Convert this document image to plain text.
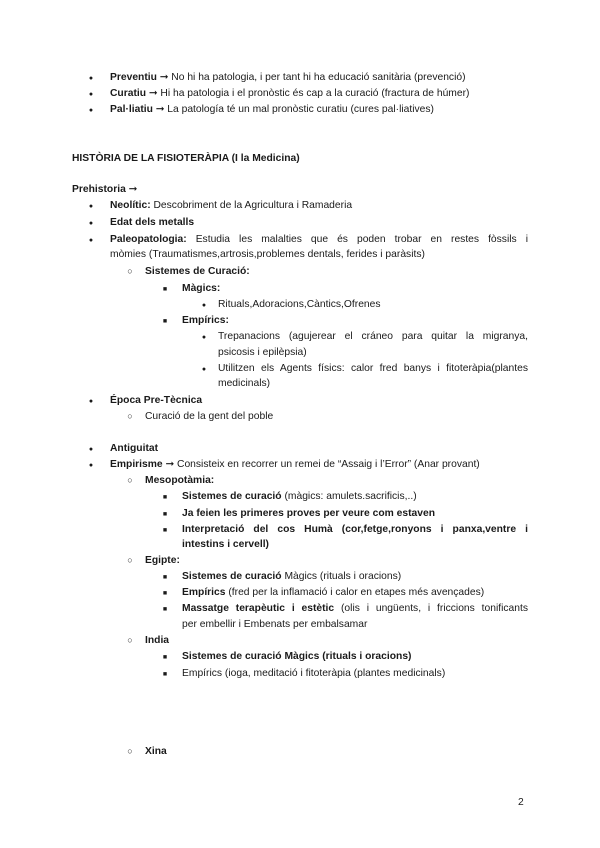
●
Preventiu ➞ No hi ha patologia, i per tant hi ha educació sanitària (prevenció)
●
Curatiu ➞ Hi ha patologia i el pronòstic és cap a la curació (fractura de húmer)
●
Pal·liatiu ➞ La patología té un mal pronòstic curatiu (cures pal·liatives)
HISTÒRIA DE LA FISIOTERÀPIA (I la Medicina)
Prehistoria ➞
●
Neolític: Descobriment de la Agricultura i Ramaderia
●
Edat dels metalls
●
Paleopatologia: Estudia les malalties que és poden trobar en restes fòssils i
mòmies (Traumatismes,artrosis,problemes dentals, ferides i paràsits)
○
Sistemes de Curació:
■
Màgics:
●
Rituals,Adoracions,Càntics,Ofrenes
■
Empírics:
●
Trepanacions (agujerear el cráneo para quitar la migranya,
psicosis i epilèpsia)
●
Utilitzen els Agents físics: calor fred banys i fitoteràpia(plantes
medicinals)
●
Época Pre-Tècnica
○
Curació de la gent del poble
●
Antiguitat
●
Empirisme ➞ Consisteix en recorrer un remei de “Assaig i l’Error” (Anar provant)
○
Mesopotàmia:
■
Sistemes de curació (màgics: amulets.sacrificis,..)
■
Ja feien les primeres proves per veure com estaven
■
Interpretació del cos Humà (cor,fetge,ronyons i panxa,ventre i
intestins i cervell)
○
Egipte:
■
Sistemes de curació Màgics (rituals i oracions)
■
Empírics (fred per la inflamació i calor en etapes més avençades)
■
Massatge terapèutic i estètic (olis i ungüents, i friccions tonificants
per embellir i Embenats per embalsamar
○
India
■
Sistemes de curació Màgics (rituals i oracions)
■
Empírics (ioga, meditació i fitoteràpia (plantes medicinals)
○
Xina
2
